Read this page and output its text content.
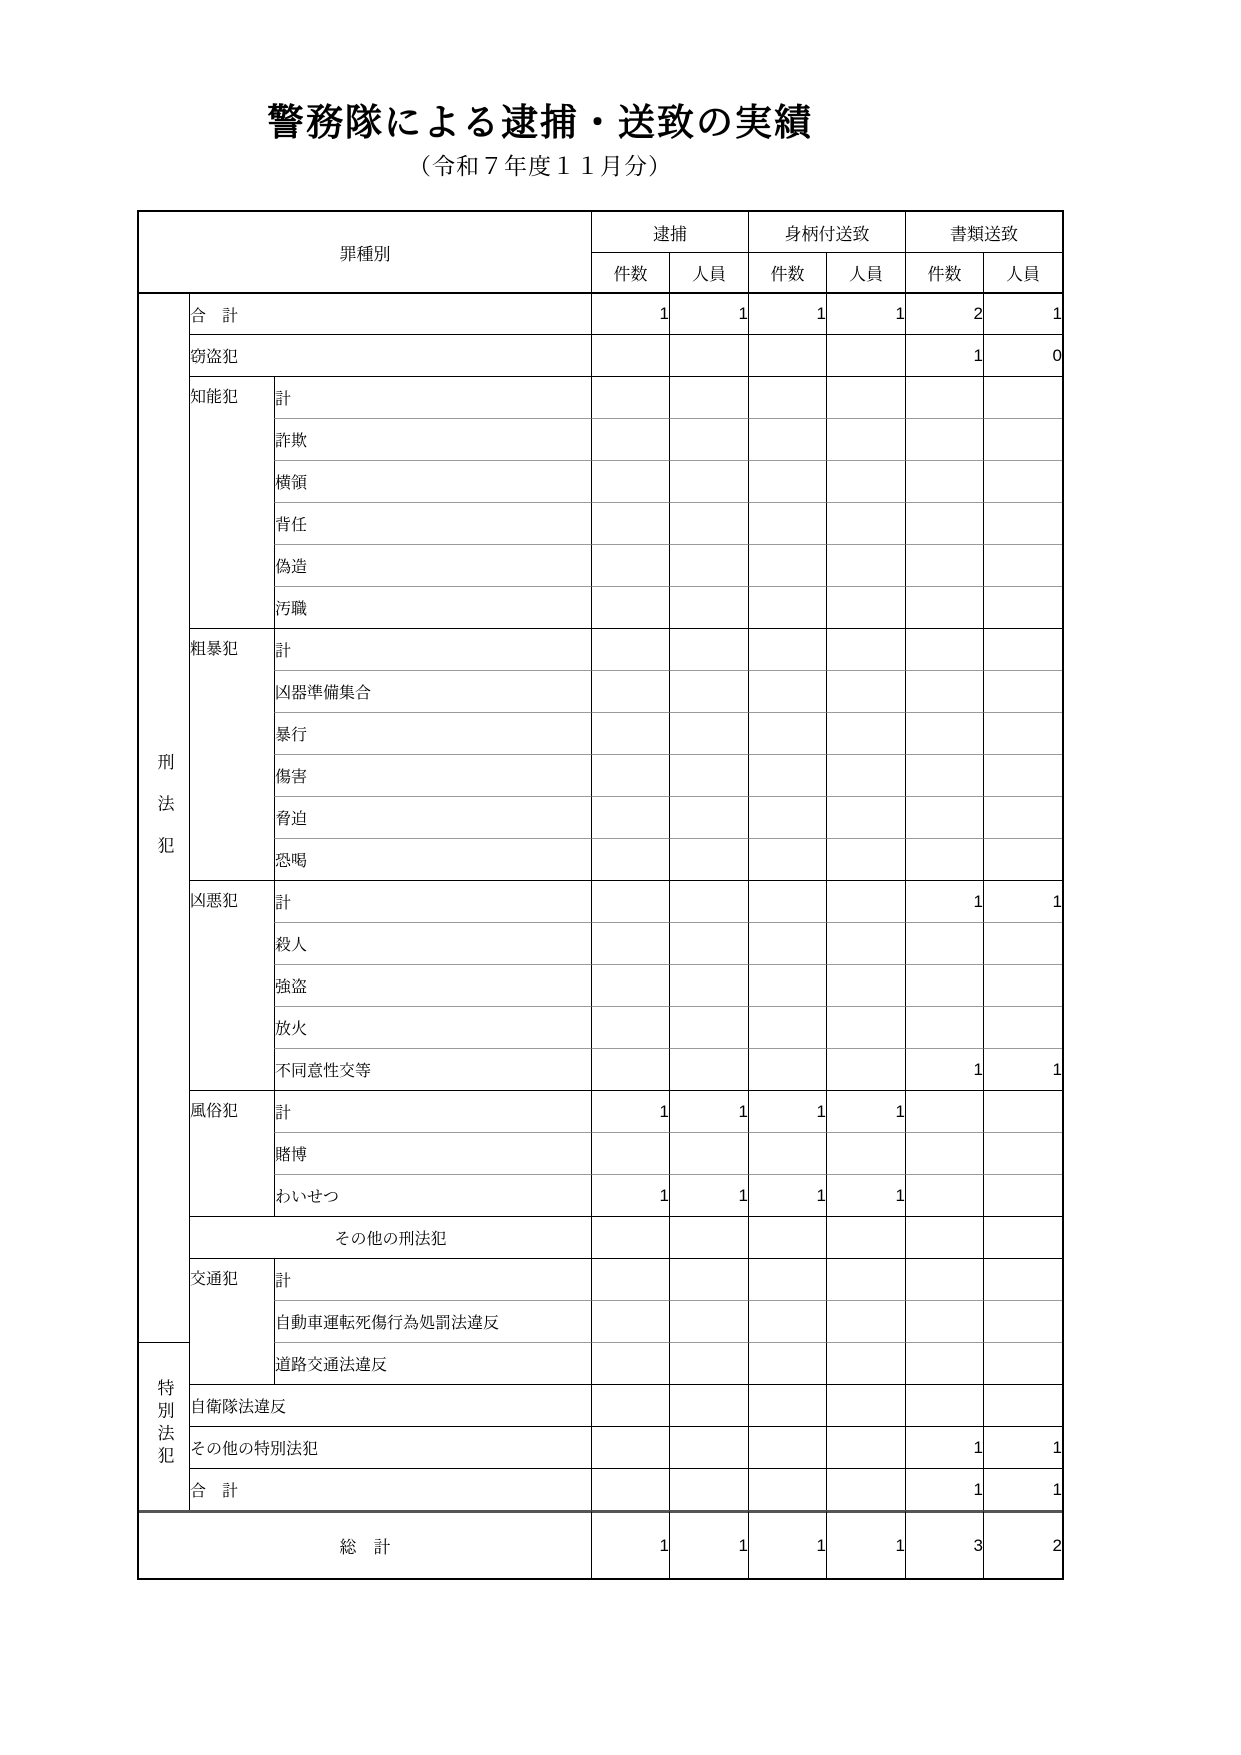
警務隊による逮捕・送致の実績
（令和７年度１１月分）
罪種別			逮捕		身柄付送致		書類送致	
			件数	人員	件数	人員	件数	人員
刑法犯	合　計		1	1	1	1	2	1
	窃盗犯						1	0
	知能犯	計						
		詐欺						
		横領						
		背任						
		偽造						
		汚職						
	粗暴犯	計						
		凶器準備集合						
		暴行						
		傷害						
		脅迫						
		恐喝						
	凶悪犯	計					1	1
		殺人						
		強盗						
		放火						
		不同意性交等					1	1
	風俗犯	計	1	1	1	1		
		賭博						
		わいせつ	1	1	1	1		
	その他の刑法犯							
	交通犯	計						
		自動車運転死傷行為処罰法違反						
特別法犯		道路交通法違反						
	自衛隊法違反							
	その他の特別法犯						1	1
	合　計						1	1
総　計			1	1	1	1	3	2
